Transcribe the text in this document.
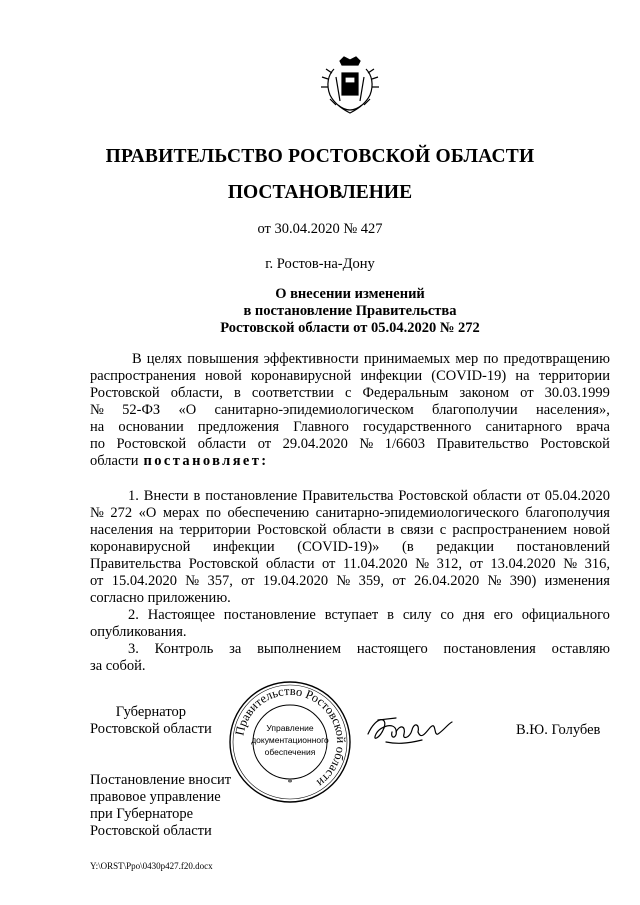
ПРАВИТЕЛЬСТВО РОСТОВСКОЙ ОБЛАСТИ
ПОСТАНОВЛЕНИЕ
от 30.04.2020 № 427
г. Ростов-на-Дону
О внесении изменений
в постановление Правительства
Ростовской области от 05.04.2020 № 272
В целях повышения эффективности принимаемых мер по предотвращению
распространения новой коронавирусной инфекции (COVID-19) на территории
Ростовской области, в соответствии с Федеральным законом от 30.03.1999
№ 52-ФЗ «О санитарно-эпидемиологическом благополучии населения»,
на основании предложения Главного государственного санитарного врача
по Ростовской области от 29.04.2020 № 1/6603 Правительство Ростовской
области постановляет:
1. Внести в постановление Правительства Ростовской области от 05.04.2020
№ 272 «О мерах по обеспечению санитарно-эпидемиологического благополучия
населения на территории Ростовской области в связи с распространением новой
коронавирусной инфекции (COVID-19)» (в редакции постановлений
Правительства Ростовской области от 11.04.2020 № 312, от 13.04.2020 № 316,
от 15.04.2020 № 357, от 19.04.2020 № 359, от 26.04.2020 № 390) изменения
согласно приложению.
2. Настоящее постановление вступает в силу со дня его официального
опубликования.
3. Контроль за выполнением настоящего постановления оставляю
за собой.
Губернатор
Ростовской области Правительство Ростовской области
*
Управление
документационного
обеспечения
В.Ю. Голубев
Постановление вносит
правовое управление
при Губернаторе
Ростовской области
Y:\ORST\Ppo\0430p427.f20.docx
